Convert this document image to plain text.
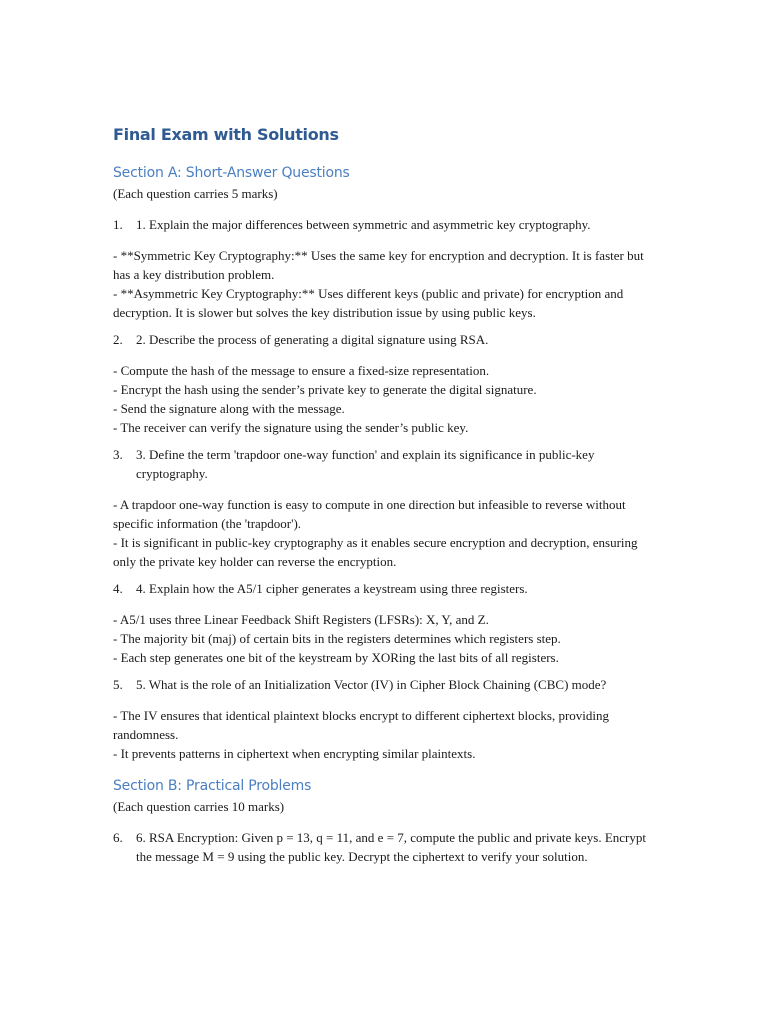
Final Exam with Solutions
Section A: Short-Answer Questions
(Each question carries 5 marks)
1.	1. Explain the major differences between symmetric and asymmetric key cryptography.

- **Symmetric Key Cryptography:** Uses the same key for encryption and decryption. It is faster but has a key distribution problem.

- **Asymmetric Key Cryptography:** Uses different keys (public and private) for encryption and decryption. It is slower but solves the key distribution issue by using public keys.

2.	2. Describe the process of generating a digital signature using RSA.

- Compute the hash of the message to ensure a fixed-size representation.

- Encrypt the hash using the sender’s private key to generate the digital signature.

- Send the signature along with the message.

- The receiver can verify the signature using the sender’s public key.

3.	3. Define the term 'trapdoor one-way function' and explain its significance in public-key cryptography.

- A trapdoor one-way function is easy to compute in one direction but infeasible to reverse without specific information (the 'trapdoor').

- It is significant in public-key cryptography as it enables secure encryption and decryption, ensuring only the private key holder can reverse the encryption.

4.	4. Explain how the A5/1 cipher generates a keystream using three registers.

- A5/1 uses three Linear Feedback Shift Registers (LFSRs): X, Y, and Z.

- The majority bit (maj) of certain bits in the registers determines which registers step.

- Each step generates one bit of the keystream by XORing the last bits of all registers.

5.	5. What is the role of an Initialization Vector (IV) in Cipher Block Chaining (CBC) mode?

- The IV ensures that identical plaintext blocks encrypt to different ciphertext blocks, providing randomness.

- It prevents patterns in ciphertext when encrypting similar plaintexts.

Section B: Practical Problems
(Each question carries 10 marks)
6.	6. RSA Encryption: Given p = 13, q = 11, and e = 7, compute the public and private keys. Encrypt the message M = 9 using the public key. Decrypt the ciphertext to verify your solution.
